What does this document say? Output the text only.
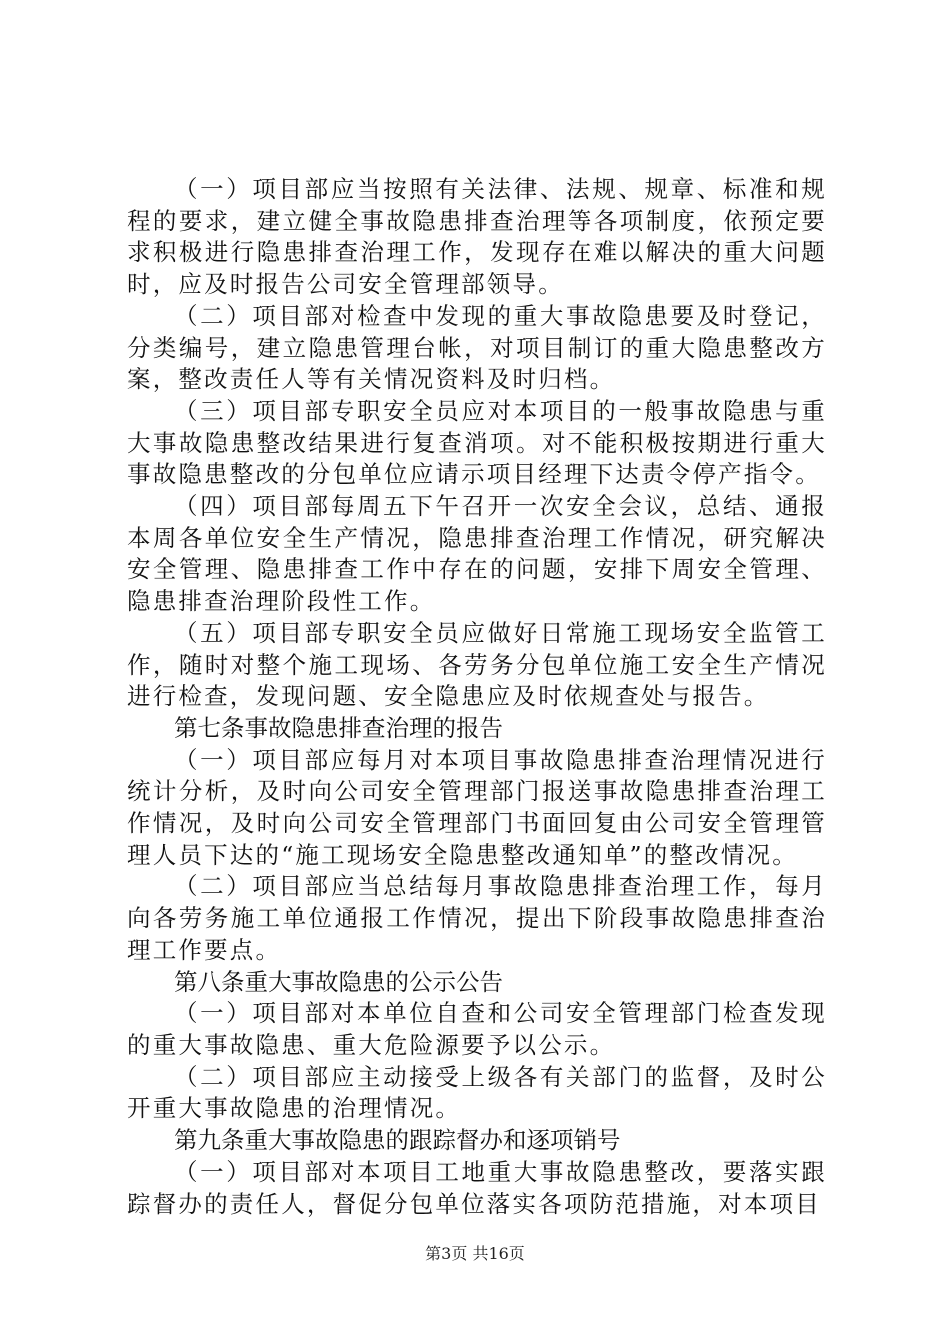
（一）项目部应当按照有关法律、法规、规章、标准和规程的要求，建立健全事故隐患排查治理等各项制度，依预定要求积极进行隐患排查治理工作，发现存在难以解决的重大问题时，应及时报告公司安全管理部领导。

（二）项目部对检查中发现的重大事故隐患要及时登记，分类编号，建立隐患管理台帐，对项目制订的重大隐患整改方案，整改责任人等有关情况资料及时归档。

（三）项目部专职安全员应对本项目的一般事故隐患与重大事故隐患整改结果进行复查消项。对不能积极按期进行重大事故隐患整改的分包单位应请示项目经理下达责令停产指令。

（四）项目部每周五下午召开一次安全会议，总结、通报本周各单位安全生产情况，隐患排查治理工作情况，研究解决安全管理、隐患排查工作中存在的问题，安排下周安全管理、隐患排查治理阶段性工作。

（五）项目部专职安全员应做好日常施工现场安全监管工作，随时对整个施工现场、各劳务分包单位施工安全生产情况进行检查，发现问题、安全隐患应及时依规查处与报告。

第七条事故隐患排查治理的报告

（一）项目部应每月对本项目事故隐患排查治理情况进行统计分析，及时向公司安全管理部门报送事故隐患排查治理工作情况，及时向公司安全管理部门书面回复由公司安全管理管理人员下达的“施工现场安全隐患整改通知单”的整改情况。

（二）项目部应当总结每月事故隐患排查治理工作，每月向各劳务施工单位通报工作情况，提出下阶段事故隐患排查治理工作要点。

第八条重大事故隐患的公示公告

（一）项目部对本单位自查和公司安全管理部门检查发现的重大事故隐患、重大危险源要予以公示。

（二）项目部应主动接受上级各有关部门的监督，及时公开重大事故隐患的治理情况。

第九条重大事故隐患的跟踪督办和逐项销号

（一）项目部对本项目工地重大事故隐患整改，要落实跟踪督办的责任人，督促分包单位落实各项防范措施，对本项目

第3页 共16页
